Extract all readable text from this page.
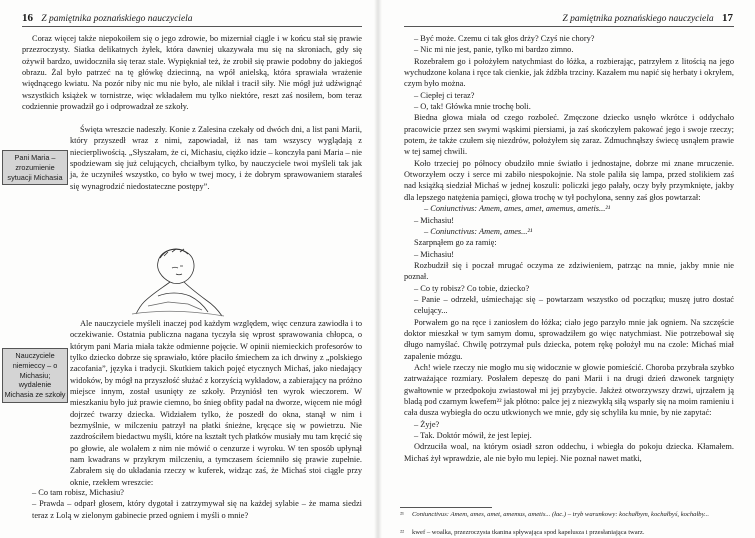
16 Z pamiętnika poznańskiego nauczyciela

Coraz więcej także niepokoiłem się o jego zdrowie, bo mizerniał ciągle i w końcu stał się prawie przezroczysty. Siatka delikatnych żyłek, która dawniej ukazywała mu się na skroniach, gdy się ożywił bardzo, uwidoczniła się teraz stale. Wypiękniał też, że zrobił się prawie podobny do jakiegoś obrazu. Żal było patrzeć na tę główkę dziecinną, na wpół anielską, która sprawiała wrażenie więdnącego kwiatu. Na pozór niby nic mu nie było, ale nikłał i tracił siły. Nie mógł już udźwignąć wszystkich książek w tornistrze, więc wkładałem mu tylko niektóre, reszt zaś nosiłem, bom teraz codziennie prowadził go i odprowadzał ze szkoły.

Święta wreszcie nadeszły. Konie z Zalesina czekały od dwóch dni, a list pani Marii, który przyszedł wraz z nimi, zapowiadał, iż nas tam wszyscy wyglądają z niecierpliwością. „Słyszałam, że ci, Michasiu, ciężko idzie – konczyła pani Maria – nie spodziewam się już celujących, chciałbym tylko, by nauczyciele twoi myśleli tak jak ja, że uczyniłeś wszystko, co było w twej mocy, i że dobrym sprawowaniem starałeś się wynagrodzić niedostateczne postępy”.

Pani Maria – zrozumienie sytuacji Michasia

Ale nauczyciele myśleli inaczej pod każdym względem, więc cenzura zawiodła i to oczekiwanie. Ostatnia publiczna nagana tyczyła się wprost sprawowania chłopca, o którym pani Maria miała także odmienne pojęcie. W opinii niemieckich profesorów to tylko dziecko dobrze się sprawiało, które płaciło śmiechem za ich drwiny z „polskiego zacofania”, języka i tradycji. Skutkiem takich pojęć etycznych Michaś, jako niedający widoków, by mógł na przyszłość służać z korzyścią wykładow, a zabierający na próżno miejsce innym, został usunięty ze szkoły. Przyniósł ten wyrok wieczorem. W mieszkaniu było już prawie ciemno, bo śnieg obfity padał na dworze, więcem nie mógł dojrzeć twarzy dziecka. Widziałem tylko, że poszedł do okna, stanął w nim i bezmyślnie, w milczeniu patrzył na płatki śnieżne, kręcące się w powietrzu. Nie zazdrościłem biedactwu myśli, które na kształt tych płatków musiały mu tam kręcić się po głowie, ale wolałem z nim nie mówić o cenzurze i wyroku. W ten sposób upłynął nam kwadrans w przykrym milczeniu, a tymczasem ściemniło się prawie zupełnie. Zabrałem się do układania rzeczy w kuferek, widząc zaś, że Michaś stoi ciągle przy oknie, rzekłem wreszcie:

Nauczyciele niemieccy – o Michasiu; wydalenie Michasia ze szkoły

– Co tam robisz, Michasiu?

– Prawda – odparł głosem, który dygotał i zatrzymywał się na każdej sylabie – że mama siedzi teraz z Lolą w zielonym gabinecie przed ogniem i myśli o mnie?

Z pamiętnika poznańskiego nauczyciela 17

– Być może. Czemu ci tak głos drży? Czyś nie chory?

– Nic mi nie jest, panie, tylko mi bardzo zimno.

Rozebrałem go i położyłem natychmiast do łóżka, a rozbierając, patrzyłem z litością na jego wychudzone kolana i ręce tak cienkie, jak źdźbła trzciny. Kazałem mu napić się herbaty i okryłem, czym było można.

– Ciepłej ci teraz?

– O, tak! Główka mnie trochę boli.

Biedna głowa miała od czego rozboleć. Zmęczone dziecko usnęło wkrótce i oddychało pracowicie przez sen swymi wąskimi piersiami, ja zaś skończyłem pakować jego i swoje rzeczy; potem, że także czułem się niezdrów, położyłem się zaraz. Zdmuchnąłszy świecę usnąłem prawie w tej samej chwili.

Koło trzeciej po północy obudziło mnie światło i jednostajne, dobrze mi znane mruczenie. Otworzyłem oczy i serce mi zabiło niespokojnie. Na stole paliła się lampa, przed stolikiem zaś nad książką siedział Michaś w jednej koszuli: policzki jego pałały, oczy były przymknięte, jakby dla lepszego natężenia pamięci, głowa trochę w tył pochylona, senny zaś głos powtarzał:

– Coniunctivus: Amem, ames, amet, amemus, ametis...²¹

– Michasiu!

– Coniunctivus: Amem, ames...²¹

Szarpnąłem go za ramię:

– Michasiu!

Rozbudził się i poczał mrugać oczyma ze zdziwieniem, patrząc na mnie, jakby mnie nie poznał.

– Co ty robisz? Co tobie, dziecko?

– Panie – odrzekł, uśmiechając się – powtarzam wszystko od początku; muszę jutro dostać celujący...

Porwałem go na ręce i zaniosłem do łóżka; ciało jego parzyło mnie jak ogniem. Na szczęście doktor mieszkał w tym samym domu, sprowadziłem go więc natychmiast. Nie potrzebował się długo namyślać. Chwilę potrzymał puls dziecka, potem rękę położył mu na czole: Michaś miał zapalenie mózgu.

Ach! wiele rzeczy nie mogło mu się widocznie w głowie pomieścić. Choroba przybrała szybko zatrważające rozmiary. Posłałem depeszę do pani Marii i na drugi dzień dzwonek targnięty gwałtownie w przedpokoju zwiastował mi jej przybycie. Jakżeż otworzywszy drzwi, ujrzałem ją bladą pod czarnym kwefem²² jak płótno: palce jej z niezwykłą siłą wsparły się na moim ramieniu i cała dusza wybiegła do oczu utkwionych we mnie, gdy się schyliła ku mnie, by nie zapytać:

– Żyje?

– Tak. Doktór mówił, że jest lepiej.

Odrzuciła woal, na którym osiadł szron oddechu, i wbiegła do pokoju dziecka. Kłamałem. Michaś żył wprawdzie, ale nie było mu lepiej. Nie poznał nawet matki,

²¹ Coniunctivus: Amem, ames, amet, amemus, ametis... (łac.) – tryb warunkowy: kochałbym, kochałbyś, kochałby...
²² kwef – woalka, przezroczysta tkanina spływająca spod kapelusza i przesłaniająca twarz.
